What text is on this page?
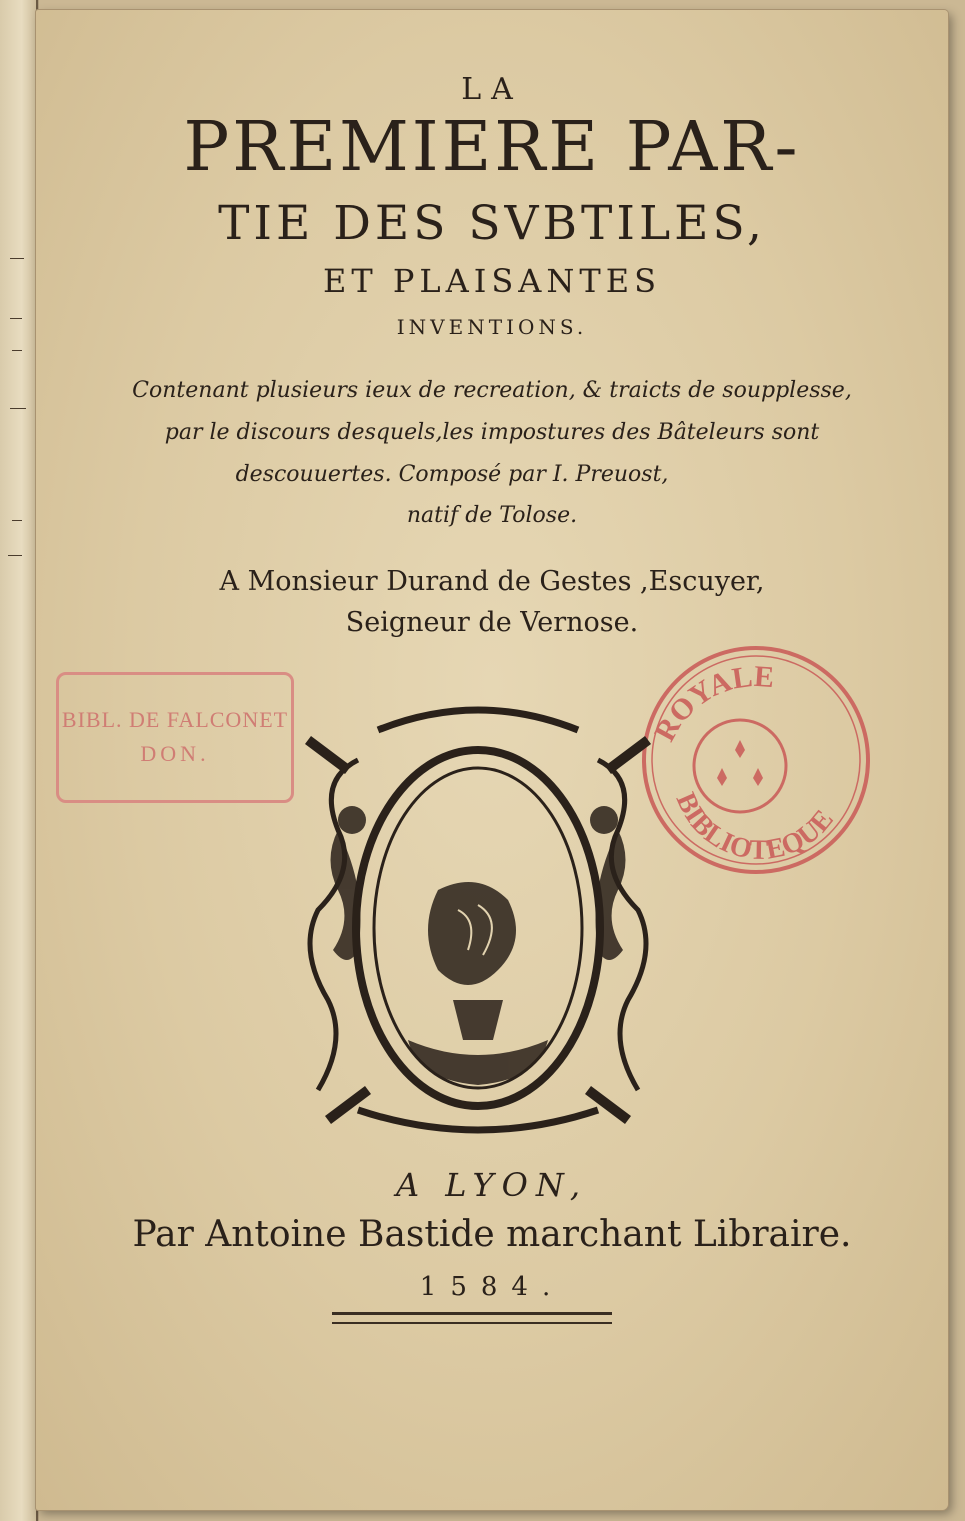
LA
PREMIERE PAR-
TIE DES SVBTILES,
ET PLAISANTES
INVENTIONS.
Contenant plusieurs ieux de recreation, & traicts de soupplesse,
par le discours desquels,les impostures des Bâteleurs sont
descouuertes. Composé par I. Preuost,
natif de Tolose.
A Monsieur Durand de Gestes ,Escuyer,
Seigneur de Vernose.
BIBL. DE FALCONET
DON.
ROYALE
BIBLIOTEQUE
A LYON,
Par Antoine Bastide marchant Libraire.
1584.
